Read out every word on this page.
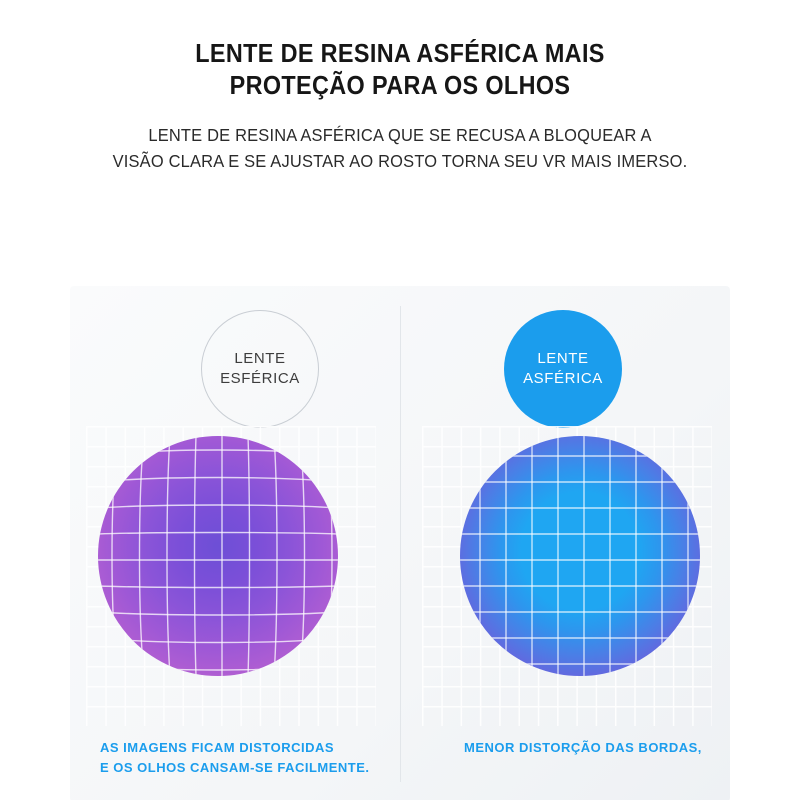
LENTE DE RESINA ASFÉRICA MAIS
PROTEÇÃO PARA OS OLHOS

LENTE DE RESINA ASFÉRICA QUE SE RECUSA A BLOQUEAR A
VISÃO CLARA E SE AJUSTAR AO ROSTO TORNA SEU VR MAIS IMERSO.

LENTE
ESFÉRICA
LENTE
ASFÉRICA
AS IMAGENS FICAM DISTORCIDAS
E OS OLHOS CANSAM-SE FACILMENTE.
MENOR DISTORÇÃO DAS BORDAS,
